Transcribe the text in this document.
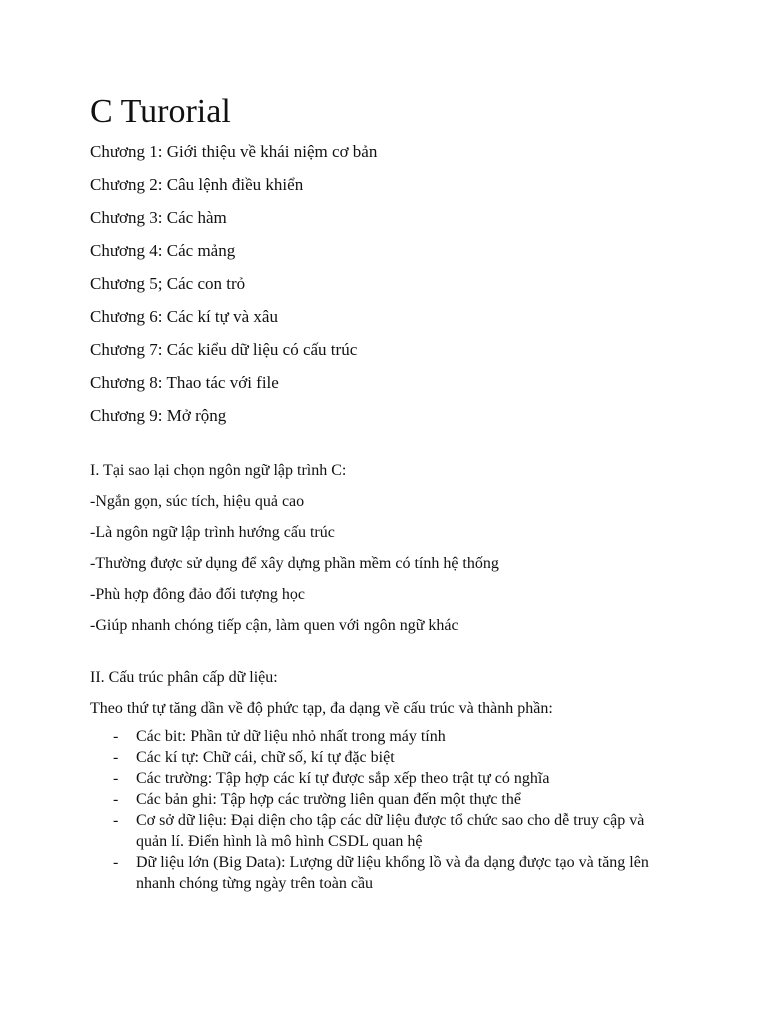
C Turorial

Chương 1: Giới thiệu về khái niệm cơ bản

Chương 2: Câu lệnh điều khiển

Chương 3: Các hàm

Chương 4: Các mảng

Chương 5; Các con trỏ

Chương 6: Các kí tự và xâu

Chương 7: Các kiểu dữ liệu có cấu trúc

Chương 8: Thao tác với file

Chương 9: Mở rộng

I. Tại sao lại chọn ngôn ngữ lập trình C:

-Ngắn gọn, súc tích, hiệu quả cao

-Là ngôn ngữ lập trình hướng cấu trúc

-Thường được sử dụng để xây dựng phần mềm có tính hệ thống

-Phù hợp đông đảo đối tượng học

-Giúp nhanh chóng tiếp cận, làm quen với ngôn ngữ khác

II. Cấu trúc phân cấp dữ liệu:

Theo thứ tự tăng dần về độ phức tạp, đa dạng về cấu trúc và thành phần:

- Các bit: Phần tử dữ liệu nhỏ nhất trong máy tính
- Các kí tự: Chữ cái, chữ số, kí tự đặc biệt
- Các trường: Tập hợp các kí tự được sắp xếp theo trật tự có nghĩa
- Các bản ghi: Tập hợp các trường liên quan đến một thực thể
- Cơ sở dữ liệu: Đại diện cho tập các dữ liệu được tổ chức sao cho dễ truy cập và quản lí. Điển hình là mô hình CSDL quan hệ
- Dữ liệu lớn (Big Data): Lượng dữ liệu khổng lồ và đa dạng được tạo và tăng lên nhanh chóng từng ngày trên toàn cầu
